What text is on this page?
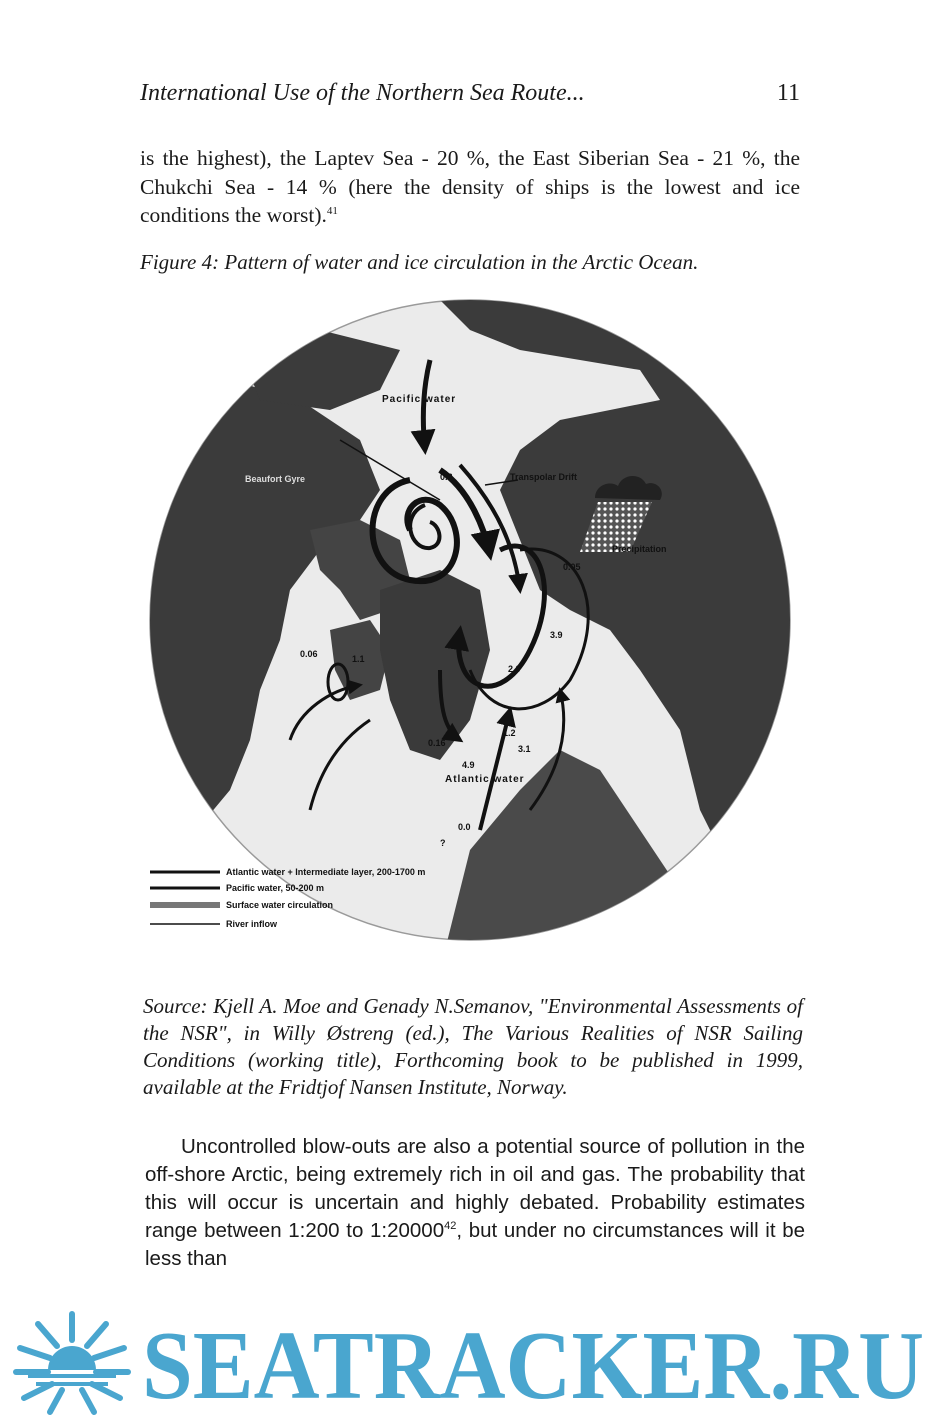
International Use of the Northern Sea Route...	11
is the highest), the Laptev Sea - 20 %, the East Siberian Sea - 21 %, the Chukchi Sea - 14 % (here the density of ships is the lowest and ice conditions the worst).$^{41}$
Figure 4: Pattern of water and ice circulation in the Arctic Ocean.
Pacific water
Beaufort Gyre	Transpolar Drift
Precipitation
Atlantic water
0.8
0.05
0.06	1.1
3.9
2.0
0.16
4.9
1.2
3.1
0.0
?
Atlantic water + Intermediate layer, 200-1700 m
Pacific water, 50-200 m
Surface water circulation
River inflow
Source: Kjell A. Moe and Genady N.Semanov, "Environmental Assessments of the NSR", in Willy Østreng (ed.), The Various Realities of NSR Sailing Conditions (working title), Forthcoming book to be published in 1999, available at the Fridtjof Nansen Institute, Norway.

Uncontrolled blow-outs are also a potential source of pollution in the off-shore Arctic, being extremely rich in oil and gas. The probability that this will occur is uncertain and highly debated. Probability estimates range between 1:200 to 1:20000$^{42}$, but under no circumstances will it be less than

SEATRACKER.RU
